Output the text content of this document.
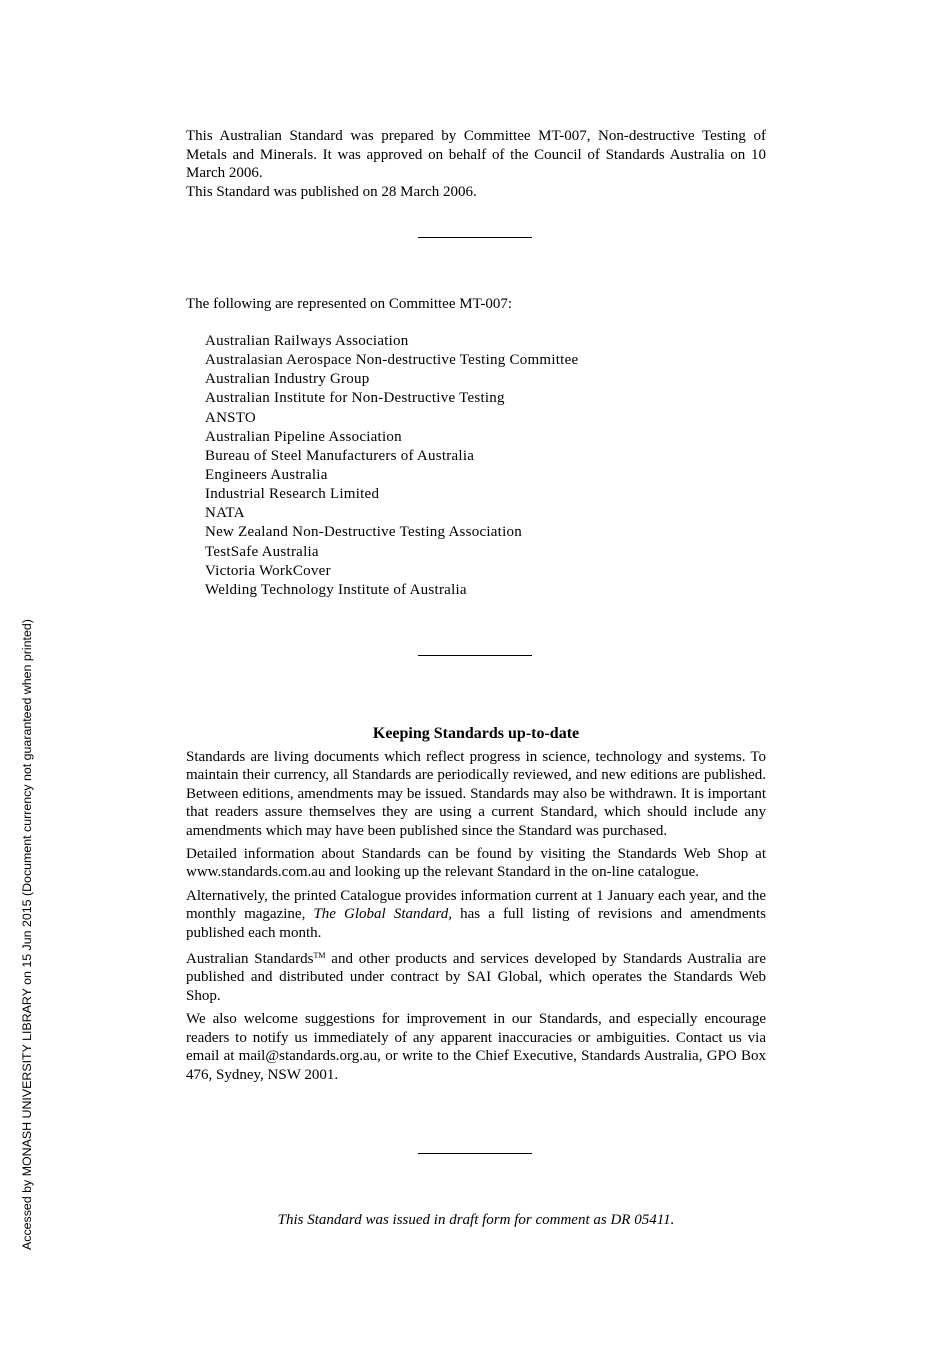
This Australian Standard was prepared by Committee MT-007, Non-destructive Testing of Metals and Minerals. It was approved on behalf of the Council of Standards Australia on 10 March 2006.

This Standard was published on 28 March 2006.

The following are represented on Committee MT-007:

Australian Railways Association
Australasian Aerospace Non-destructive Testing Committee
Australian Industry Group
Australian Institute for Non-Destructive Testing
ANSTO
Australian Pipeline Association
Bureau of Steel Manufacturers of Australia
Engineers Australia
Industrial Research Limited
NATA
New Zealand Non-Destructive Testing Association
TestSafe Australia
Victoria WorkCover
Welding Technology Institute of Australia
Keeping Standards up-to-date

Standards are living documents which reflect progress in science, technology and systems. To maintain their currency, all Standards are periodically reviewed, and new editions are published. Between editions, amendments may be issued. Standards may also be withdrawn. It is important that readers assure themselves they are using a current Standard, which should include any amendments which may have been published since the Standard was purchased.

Detailed information about Standards can be found by visiting the Standards Web Shop at www.standards.com.au and looking up the relevant Standard in the on-line catalogue.

Alternatively, the printed Catalogue provides information current at 1 January each year, and the monthly magazine, The Global Standard, has a full listing of revisions and amendments published each month.

Australian Standards™ and other products and services developed by Standards Australia are published and distributed under contract by SAI Global, which operates the Standards Web Shop.

We also welcome suggestions for improvement in our Standards, and especially encourage readers to notify us immediately of any apparent inaccuracies or ambiguities. Contact us via email at mail@standards.org.au, or write to the Chief Executive, Standards Australia, GPO Box 476, Sydney, NSW 2001.

This Standard was issued in draft form for comment as DR 05411.

Accessed by MONASH UNIVERSITY LIBRARY on 15 Jun 2015 (Document currency not guaranteed when printed)
